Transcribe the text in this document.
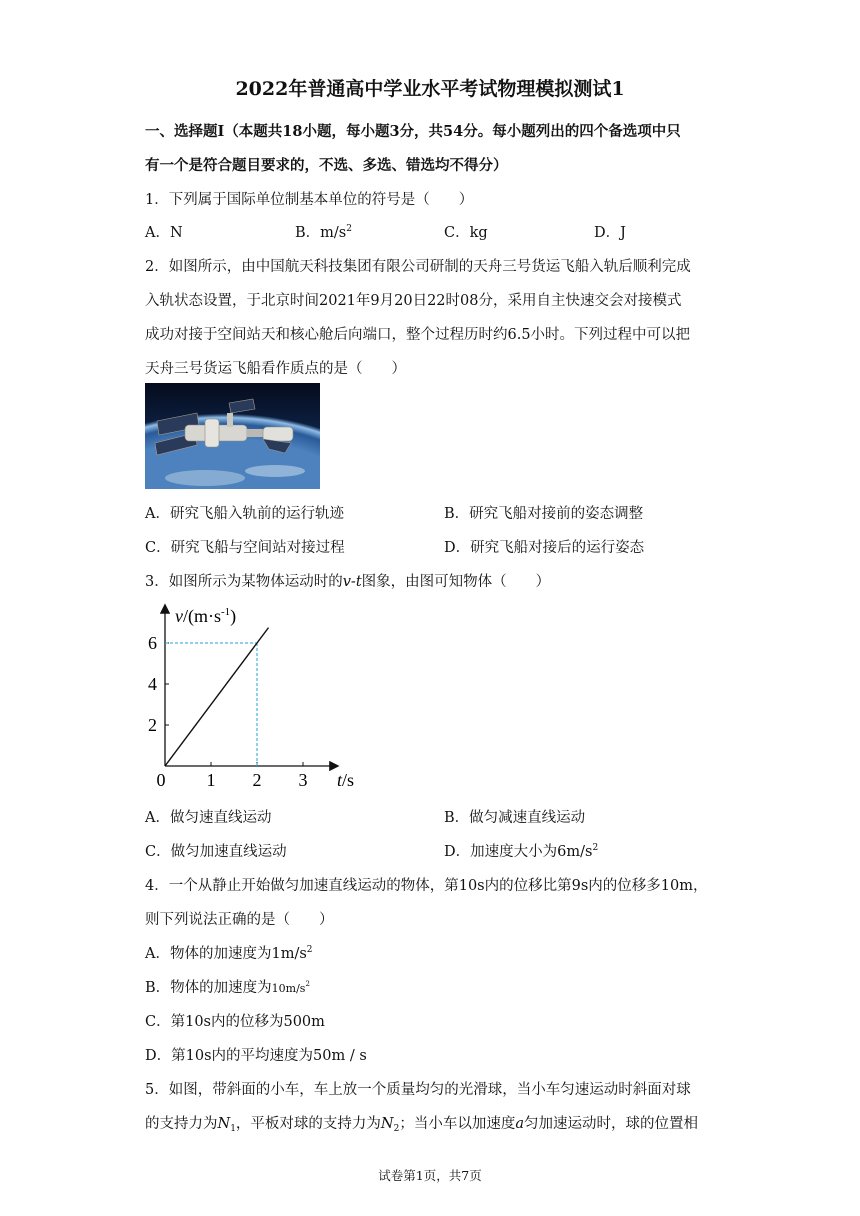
2022年普通高中学业水平考试物理模拟测试1
一、选择题Ⅰ（本题共18小题，每小题3分，共54分。每小题列出的四个备选项中只
有一个是符合题目要求的，不选、多选、错选均不得分）
1．下列属于国际单位制基本单位的符号是（　　）
A．N	B．$m/s^2$	C．kg	D．J
2．如图所示，由中国航天科技集团有限公司研制的天舟三号货运飞船入轨后顺利完成
入轨状态设置，于北京时间2021年9月20日22时08分，采用自主快速交会对接模式
成功对接于空间站天和核心舱后向端口，整个过程历时约6.5小时。下列过程中可以把
天舟三号货运飞船看作质点的是（　　）
A．研究飞船入轨前的运行轨迹	B．研究飞船对接前的姿态调整
C．研究飞船与空间站对接过程	D．研究飞船对接后的运行姿态
3．如图所示为某物体运动时的v-t图象，由图可知物体（　　）
0 1 2 3
2
4
6
$v/(m\cdot s^{-1})$
t/s
A．做匀速直线运动	B．做匀减速直线运动
C．做匀加速直线运动	D．加速度大小为$6m/s^2$
4．一个从静止开始做匀加速直线运动的物体，第10s内的位移比第9s内的位移多10m，
则下列说法正确的是（　　）
A．物体的加速度为$1m/s^2$
B．物体的加速度为$10m/s^2$
C．第10s内的位移为500m
D．第10s内的平均速度为50m / s
5．如图，带斜面的小车，车上放一个质量均匀的光滑球，当小车匀速运动时斜面对球
的支持力为$N_1$，平板对球的支持力为$N_2$；当小车以加速度a匀加速运动时，球的位置相
试卷第1页，共7页
